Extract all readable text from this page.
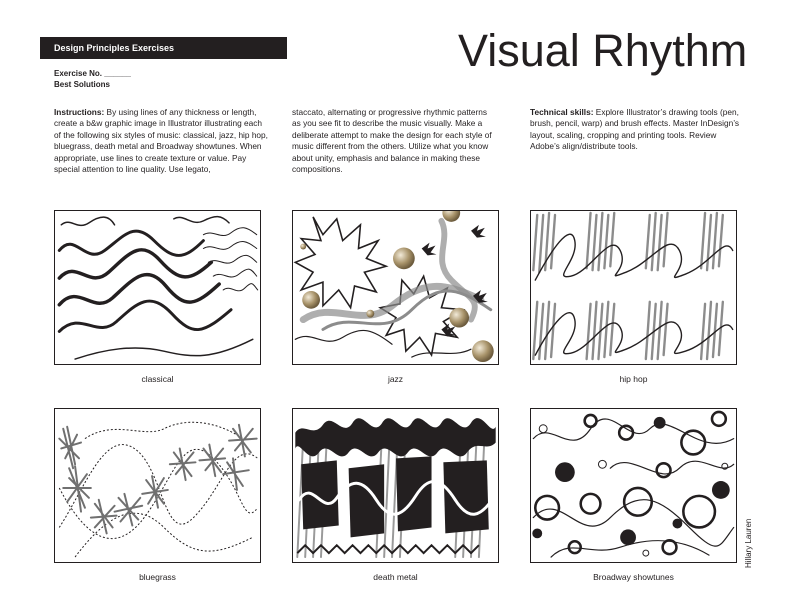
Design Principles Exercises	Visual Rhythm
Exercise No. ______
Best Solutions
Instructions: By using lines of any thickness or length, create a b&w graphic image in Illustrator illustrating each of the following six styles of music: classical, jazz, hip hop, bluegrass, death metal and Broadway showtunes. When appropriate, use lines to create texture or value. Pay special attention to line quality. Use legato,
staccato, alternating or progressive rhythmic patterns as you see fit to describe the music visually. Make a deliberate attempt to make the design for each style of music different from the others. Utilize what you know about unity, emphasis and balance in making these compositions.
Technical skills: Explore Illustrator’s drawing tools (pen, brush, pencil, warp) and brush effects. Master InDesign’s layout, scaling, cropping and printing tools. Review Adobe’s align/distribute tools.
classical	jazz	hip hop
bluegrass	death metal	Broadway showtunes
Hillary Lauren
